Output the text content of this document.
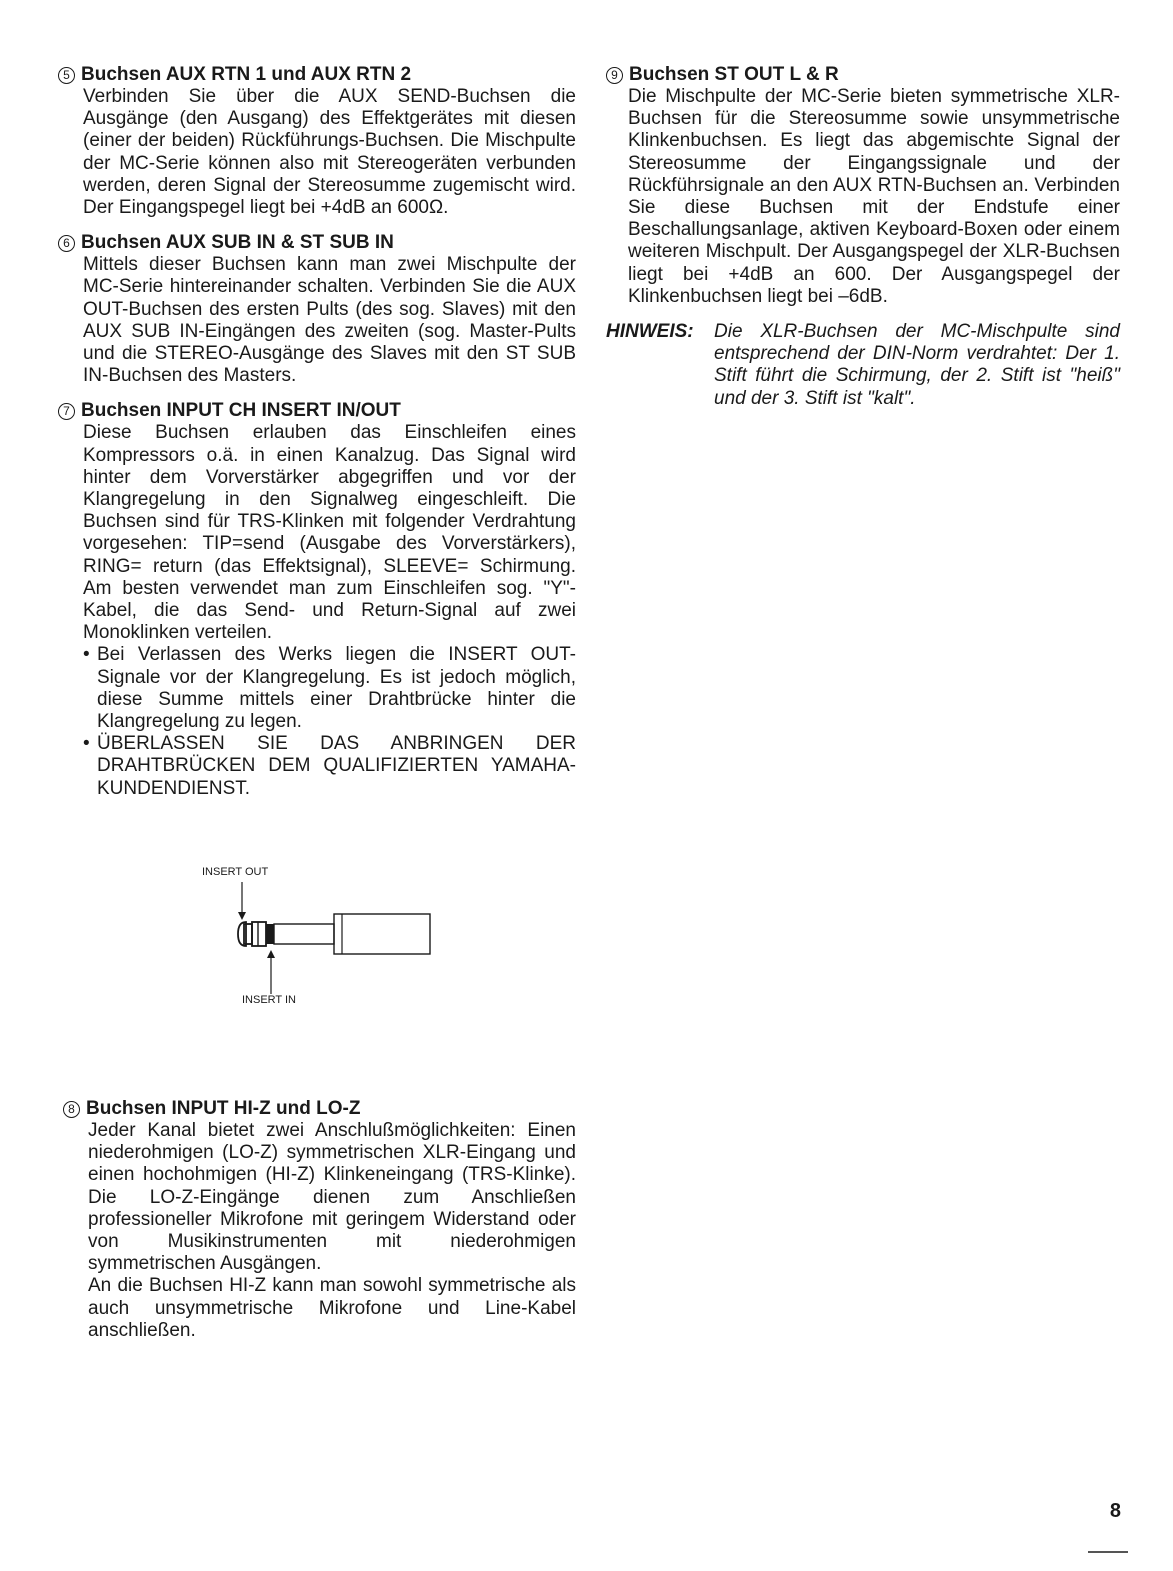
5 Buchsen AUX RTN 1 und AUX RTN 2

Verbinden Sie über die AUX SEND-Buchsen die Ausgänge (den Ausgang) des Effektgerätes mit diesen (einer der beiden) Rückführungs-Buchsen. Die Mischpulte der MC-Serie können also mit Stereogeräten verbunden werden, deren Signal der Stereosumme zugemischt wird. Der Eingangspegel liegt bei +4dB an 600Ω.

6 Buchsen AUX SUB IN & ST SUB IN

Mittels dieser Buchsen kann man zwei Mischpulte der MC-Serie hintereinander schalten. Verbinden Sie die AUX OUT-Buchsen des ersten Pults (des sog. Slaves) mit den AUX SUB IN-Eingängen des zweiten (sog. Master-Pults und die STEREO-Ausgänge des Slaves mit den ST SUB IN-Buchsen des Masters.

7 Buchsen INPUT CH INSERT IN/OUT

Diese Buchsen erlauben das Einschleifen eines Kompressors o.ä. in einen Kanalzug. Das Signal wird hinter dem Vorverstärker abgegriffen und vor der Klangregelung in den Signalweg eingeschleift. Die Buchsen sind für TRS-Klinken mit folgender Verdrahtung vorgesehen: TIP=send (Ausgabe des Vorverstärkers), RING= return (das Effektsignal), SLEEVE= Schirmung. Am besten verwendet man zum Einschleifen sog. "Y"-Kabel, die das Send- und Return-Signal auf zwei Monoklinken verteilen.

• Bei Verlassen des Werks liegen die INSERT OUT-Signale vor der Klangregelung. Es ist jedoch möglich, diese Summe mittels einer Drahtbrücke hinter die Klangregelung zu legen.
• ÜBERLASSEN SIE DAS ANBRINGEN DER DRAHTBRÜCKEN DEM QUALIFIZIERTEN YAMAHA-KUNDENDIENST.
INSERT OUT
INSERT IN
8 Buchsen INPUT HI-Z und LO-Z

Jeder Kanal bietet zwei Anschlußmöglichkeiten: Einen niederohmigen (LO-Z) symmetrischen XLR-Eingang und einen hochohmigen (HI-Z) Klinkeneingang (TRS-Klinke). Die LO-Z-Eingänge dienen zum Anschließen professioneller Mikrofone mit geringem Widerstand oder von Musikinstrumenten mit niederohmigen symmetrischen Ausgängen.

An die Buchsen HI-Z kann man sowohl symmetrische als auch unsymmetrische Mikrofone und Line-Kabel anschließen.

9 Buchsen ST OUT L & R

Die Mischpulte der MC-Serie bieten symmetrische XLR-Buchsen für die Stereosumme sowie unsymmetrische Klinkenbuchsen. Es liegt das abgemischte Signal der Stereosumme der Eingangssignale und der Rückführsignale an den AUX RTN-Buchsen an. Verbinden Sie diese Buchsen mit der Endstufe einer Beschallungsanlage, aktiven Keyboard-Boxen oder einem weiteren Mischpult. Der Ausgangspegel der XLR-Buchsen liegt bei +4dB an 600. Der Ausgangspegel der Klinkenbuchsen liegt bei –6dB.

HINWEIS:	Die XLR-Buchsen der MC-Mischpulte sind entsprechend der DIN-Norm verdrahtet: Der 1. Stift führt die Schirmung, der 2. Stift ist "heiß" und der 3. Stift ist "kalt".
8
